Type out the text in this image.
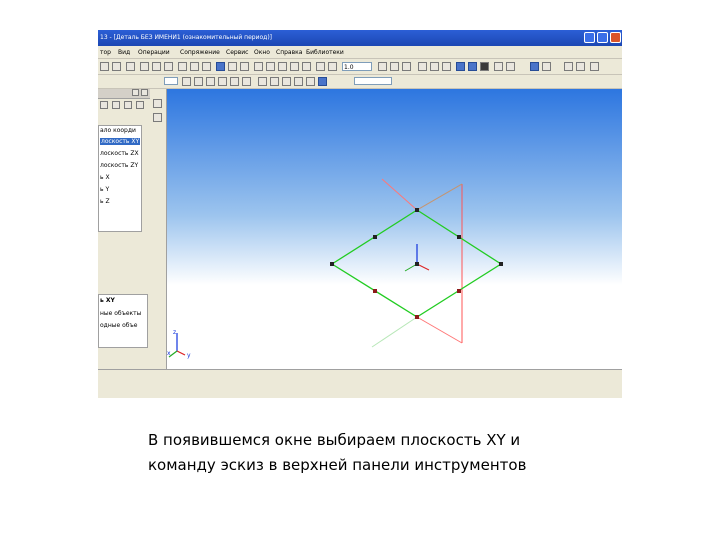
13 - [Деталь БЕЗ ИМЕНИ1 (ознакомительный период)]
тор Вид Операции Сопряжение Сервис Окно Справка Библиотеки
1.0
ало коорди
лоскость XY
лоскость ZX
лоскость ZY
ь X
ь Y
ь Z
ь XY
ные объекты
одные объе
z
y
x
В появившемся окне выбираем плоскость XY и
команду эскиз в верхней панели инструментов
